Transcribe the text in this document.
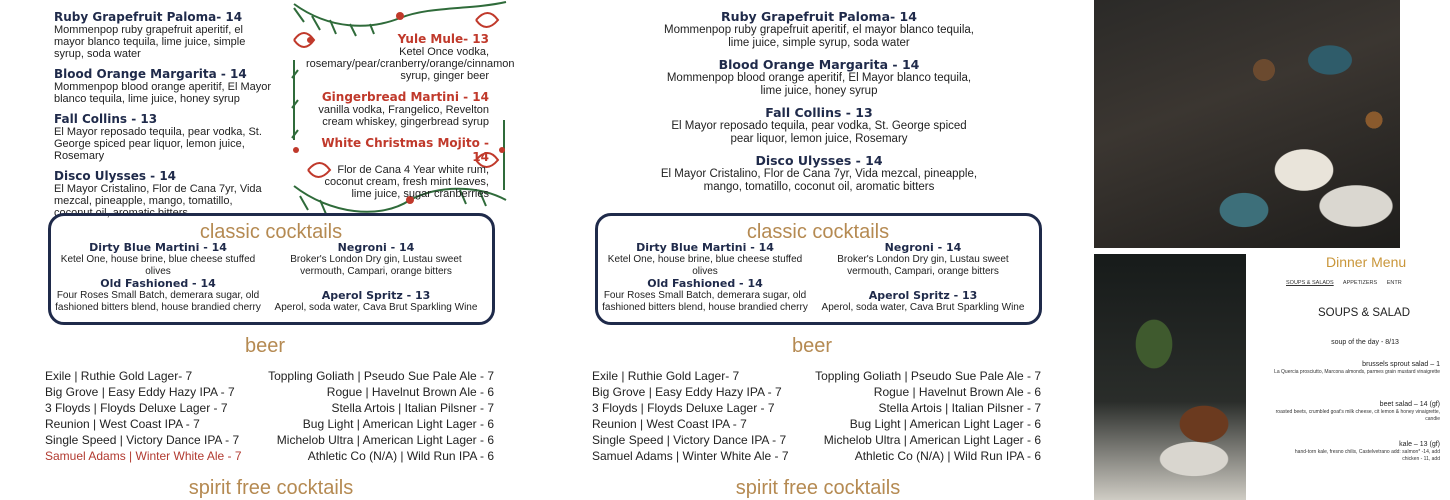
Ruby Grapefruit Paloma- 14
Mommenpop ruby grapefruit aperitif, el mayor blanco tequila, lime juice, simple syrup, soda water
Blood Orange Margarita - 14
Mommenpop blood orange aperitif, El Mayor blanco tequila, lime juice, honey syrup
Fall Collins - 13
El Mayor reposado tequila, pear vodka, St. George spiced pear liquor, lemon juice, Rosemary
Disco Ulysses - 14
El Mayor Cristalino, Flor de Cana 7yr, Vida mezcal, pineapple, mango, tomatillo, coconut oil, aromatic bitters
Yule Mule- 13
Ketel Once vodka, rosemary/pear/cranberry/orange/cinnamon syrup, ginger beer
Gingerbread Martini - 14
vanilla vodka, Frangelico, Revelton cream whiskey, gingerbread syrup
White Christmas Mojito - 14
Flor de Cana 4 Year white rum, coconut cream, fresh mint leaves, lime juice, sugar cranberries
classic cocktails
Dirty Blue Martini - 14
Ketel One, house brine, blue cheese stuffed olives
Negroni - 14
Broker's London Dry gin, Lustau sweet vermouth, Campari, orange bitters
Old Fashioned - 14
Four Roses Small Batch, demerara sugar, old fashioned bitters blend, house brandied cherry
Aperol Spritz - 13
Aperol, soda water, Cava Brut Sparkling Wine
beer
Exile | Ruthie Gold Lager- 7
Big Grove | Easy Eddy Hazy IPA - 7
3 Floyds | Floyds Deluxe Lager - 7
Reunion | West Coast IPA - 7
Single Speed | Victory Dance IPA - 7
Samuel Adams | Winter White Ale - 7
Toppling Goliath | Pseudo Sue Pale Ale - 7
Rogue | Havelnut Brown Ale - 6
Stella Artois | Italian Pilsner - 7
Bug Light | American Light Lager - 6
Michelob Ultra | American Light Lager - 6
Athletic Co (N/A) | Wild Run IPA - 6
spirit free cocktails
Ruby Grapefruit Paloma- 14
Mommenpop ruby grapefruit aperitif, el mayor blanco tequila, lime juice, simple syrup, soda water
Blood Orange Margarita - 14
Mommenpop blood orange aperitif, El Mayor blanco tequila, lime juice, honey syrup
Fall Collins - 13
El Mayor reposado tequila, pear vodka, St. George spiced pear liquor, lemon juice, Rosemary
Disco Ulysses - 14
El Mayor Cristalino, Flor de Cana 7yr, Vida mezcal, pineapple, mango, tomatillo, coconut oil, aromatic bitters
classic cocktails
Dirty Blue Martini - 14
Ketel One, house brine, blue cheese stuffed olives
Negroni - 14
Broker's London Dry gin, Lustau sweet vermouth, Campari, orange bitters
Old Fashioned - 14
Four Roses Small Batch, demerara sugar, old fashioned bitters blend, house brandied cherry
Aperol Spritz - 13
Aperol, soda water, Cava Brut Sparkling Wine
beer
Exile | Ruthie Gold Lager- 7
Big Grove | Easy Eddy Hazy IPA - 7
3 Floyds | Floyds Deluxe Lager - 7
Reunion | West Coast IPA - 7
Single Speed | Victory Dance IPA - 7
Samuel Adams | Winter White Ale - 7
Toppling Goliath | Pseudo Sue Pale Ale - 7
Rogue | Havelnut Brown Ale - 6
Stella Artois | Italian Pilsner - 7
Bug Light | American Light Lager - 6
Michelob Ultra | American Light Lager - 6
Athletic Co (N/A) | Wild Run IPA - 6
spirit free cocktails
Dinner Menu
SOUPS & SALADS APPETIZERS ENTR
SOUPS & SALAD
soup of the day - 8/13
brussels sprout salad – 1
La Quercia prosciutto, Marcona almonds, parmes grain mustard vinaigrette
beet salad – 14 (gf)
roasted beets, crumbled goat's milk cheese, cit lemon & honey vinaigrette, candie
kale – 13 (gf)
hand-torn kale, fresno chilis, Castelvetrano add: salmon* -14, add chicken - 11, add
